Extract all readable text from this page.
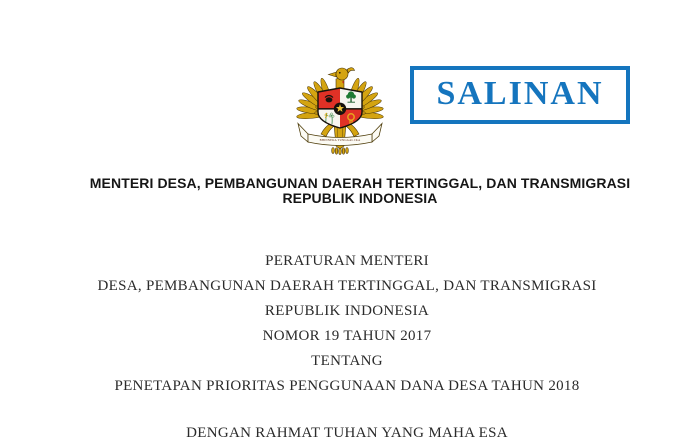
BHINNEKA TUNGGAL IKA
SALINAN
MENTERI DESA, PEMBANGUNAN DAERAH TERTINGGAL, DAN TRANSMIGRASI
REPUBLIK INDONESIA
PERATURAN MENTERI
DESA, PEMBANGUNAN DAERAH TERTINGGAL, DAN TRANSMIGRASI
REPUBLIK INDONESIA
NOMOR 19 TAHUN 2017
TENTANG
PENETAPAN PRIORITAS PENGGUNAAN DANA DESA TAHUN 2018
DENGAN RAHMAT TUHAN YANG MAHA ESA
